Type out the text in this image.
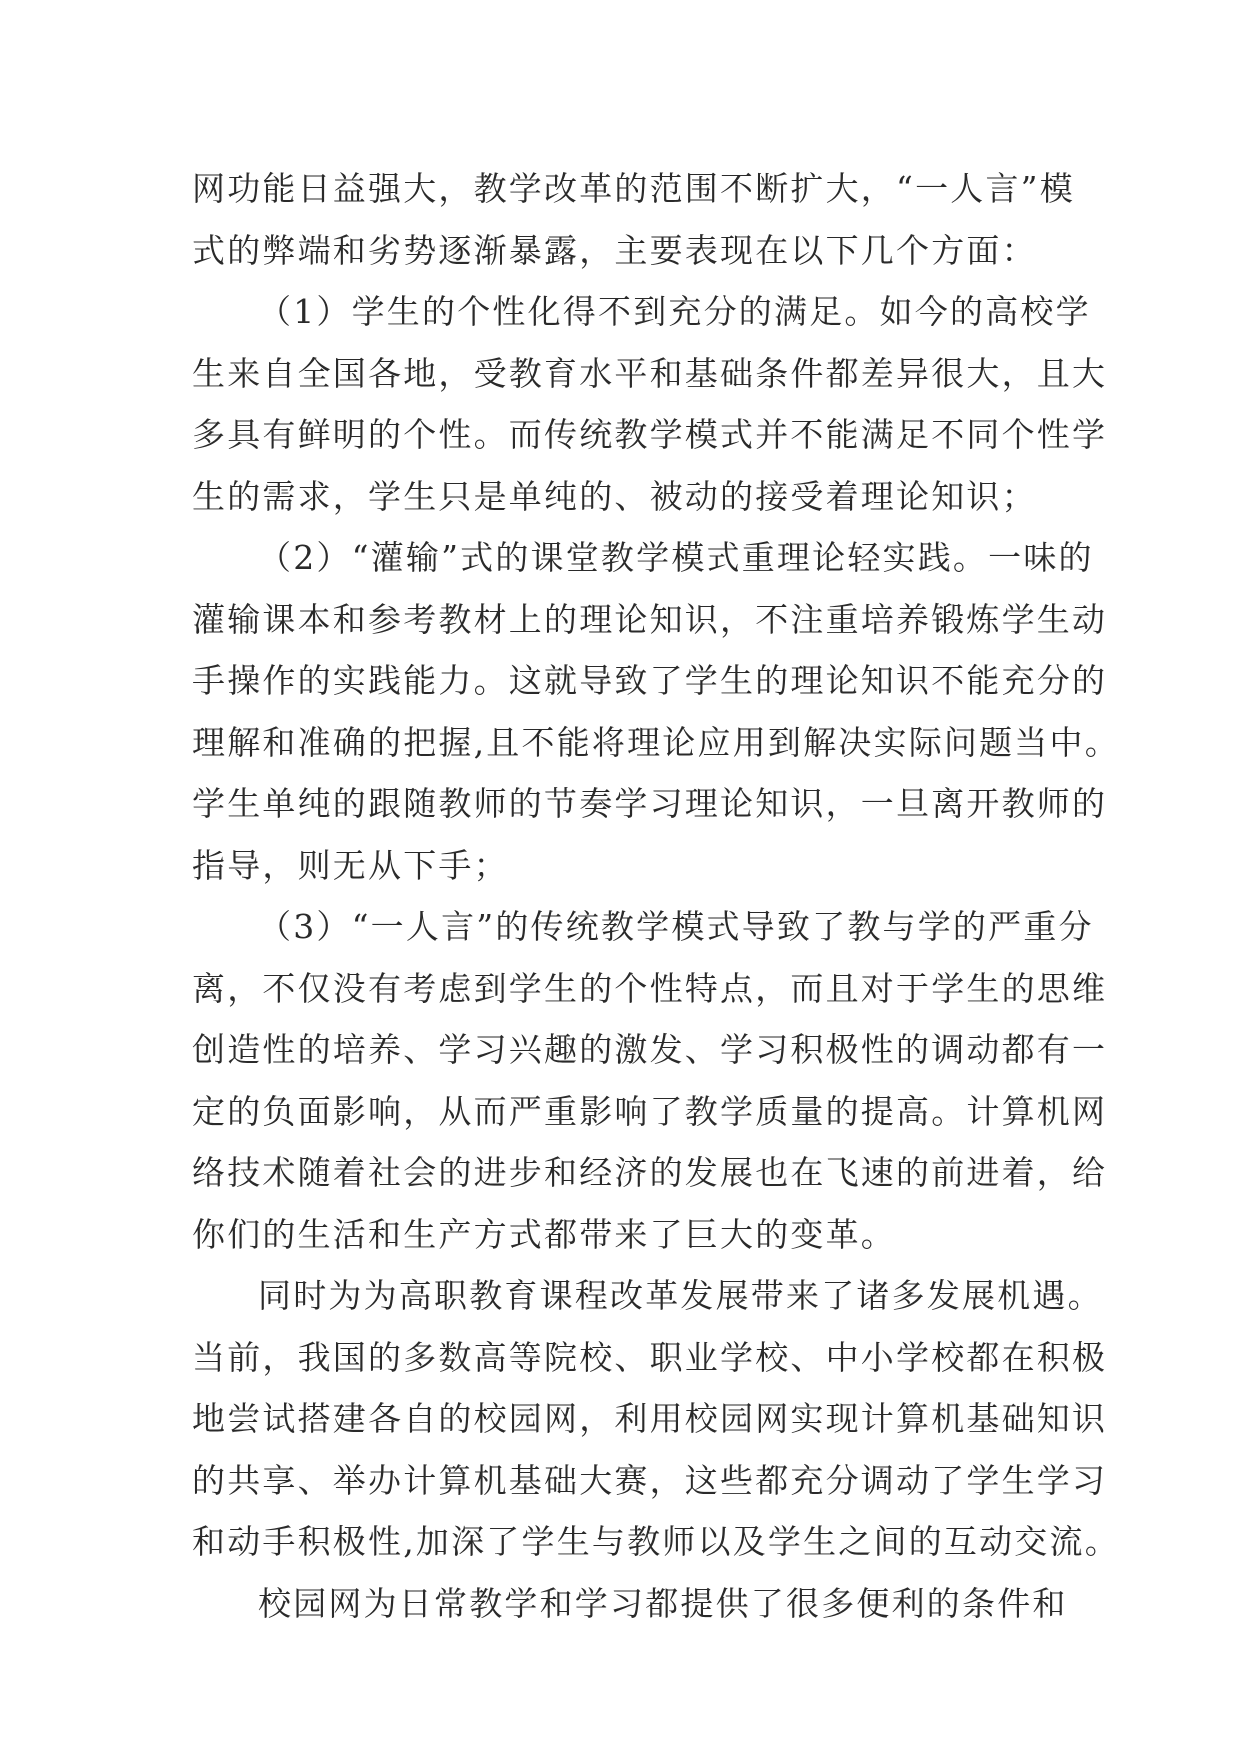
网功能日益强大，教学改革的范围不断扩大，“一人言”模
式的弊端和劣势逐渐暴露，主要表现在以下几个方面：
（1）学生的个性化得不到充分的满足。如今的高校学
生来自全国各地，受教育水平和基础条件都差异很大，且大
多具有鲜明的个性。而传统教学模式并不能满足不同个性学
生的需求，学生只是单纯的、被动的接受着理论知识；
（2）“灌输”式的课堂教学模式重理论轻实践。一味的
灌输课本和参考教材上的理论知识，不注重培养锻炼学生动
手操作的实践能力。这就导致了学生的理论知识不能充分的
理解和准确的把握,且不能将理论应用到解决实际问题当中。
学生单纯的跟随教师的节奏学习理论知识，一旦离开教师的
指导，则无从下手；
（3）“一人言”的传统教学模式导致了教与学的严重分
离，不仅没有考虑到学生的个性特点，而且对于学生的思维
创造性的培养、学习兴趣的激发、学习积极性的调动都有一
定的负面影响，从而严重影响了教学质量的提高。计算机网
络技术随着社会的进步和经济的发展也在飞速的前进着，给
你们的生活和生产方式都带来了巨大的变革。
同时为为高职教育课程改革发展带来了诸多发展机遇。
当前，我国的多数高等院校、职业学校、中小学校都在积极
地尝试搭建各自的校园网，利用校园网实现计算机基础知识
的共享、举办计算机基础大赛，这些都充分调动了学生学习
和动手积极性,加深了学生与教师以及学生之间的互动交流。
校园网为日常教学和学习都提供了很多便利的条件和
